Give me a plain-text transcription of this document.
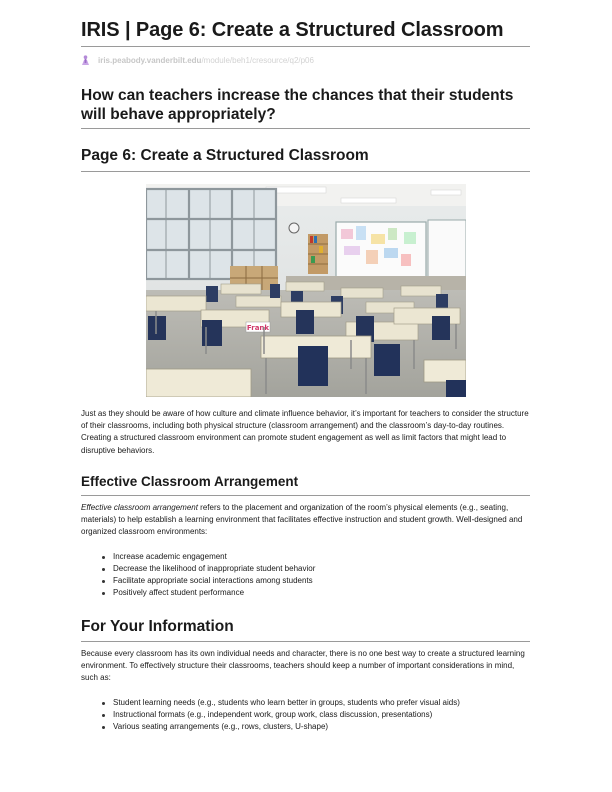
IRIS | Page 6: Create a Structured Classroom
iris.peabody.vanderbilt.edu /module/beh1/cresource/q2/p06
How can teachers increase the chances that their students will behave appropriately?
Page 6: Create a Structured Classroom
Frank

Just as they should be aware of how culture and climate influence behavior, it’s important for teachers to consider the structure of their classrooms, including both physical structure (classroom arrangement) and the classroom’s day-to-day routines. Creating a structured classroom environment can promote student engagement as well as limit factors that might lead to disruptive behaviors.

Effective Classroom Arrangement

Effective classroom arrangement refers to the placement and organization of the room’s physical elements (e.g., seating, materials) to help establish a learning environment that facilitates effective instruction and student growth. Well-designed and organized classroom environments:

Increase academic engagement
Decrease the likelihood of inappropriate student behavior
Facilitate appropriate social interactions among students
Positively affect student performance
For Your Information

Because every classroom has its own individual needs and character, there is no one best way to create a structured learning environment. To effectively structure their classrooms, teachers should keep a number of important considerations in mind, such as:

Student learning needs (e.g., students who learn better in groups, students who prefer visual aids)
Instructional formats (e.g., independent work, group work, class discussion, presentations)
Various seating arrangements (e.g., rows, clusters, U-shape)
